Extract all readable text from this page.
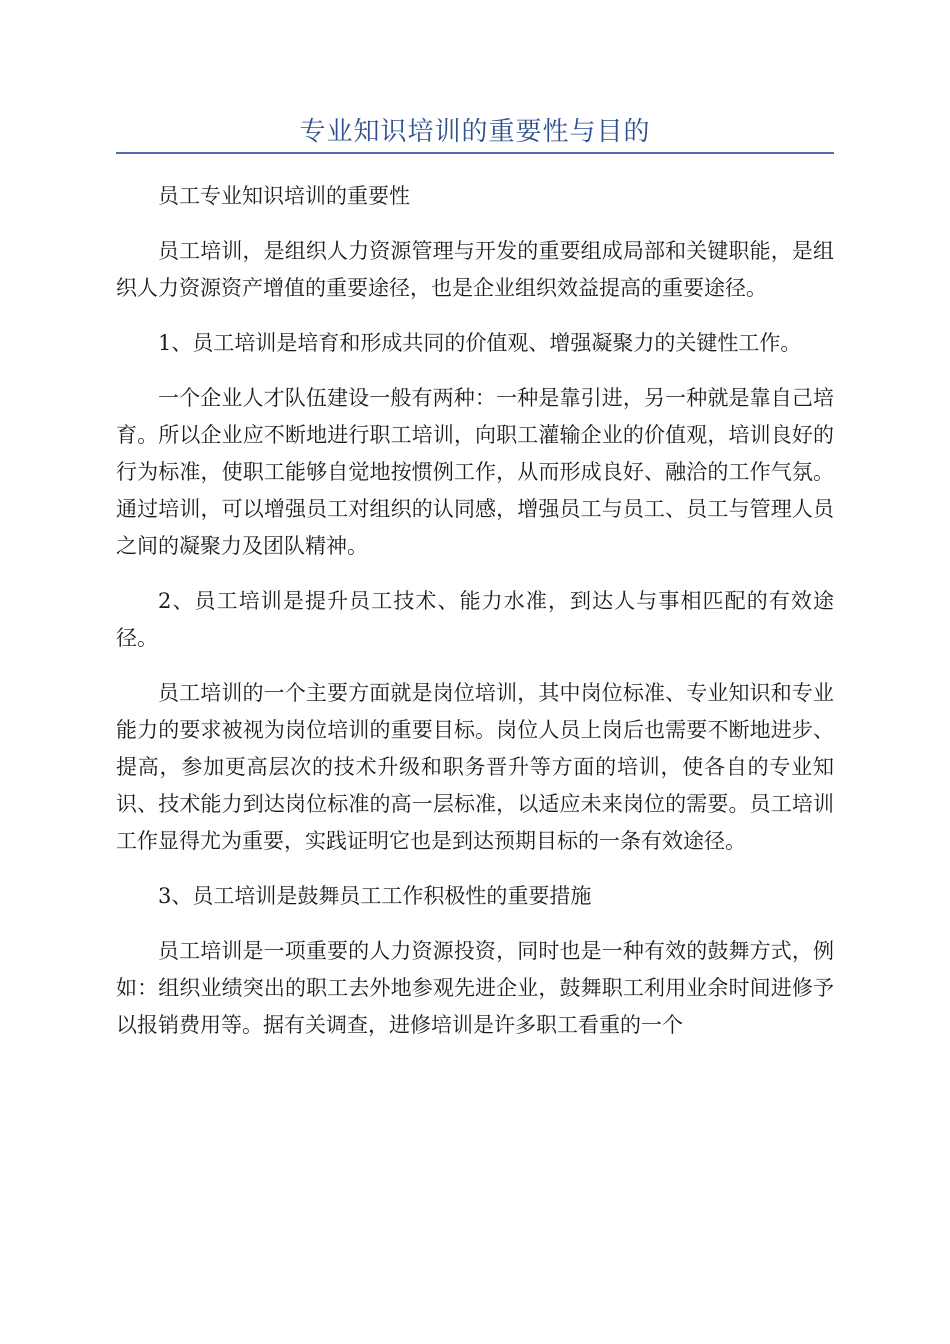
专业知识培训的重要性与目的

员工专业知识培训的重要性

员工培训，是组织人力资源管理与开发的重要组成局部和关键职能，是组织人力资源资产增值的重要途径，也是企业组织效益提高的重要途径。

1、员工培训是培育和形成共同的价值观、增强凝聚力的关键性工作。

一个企业人才队伍建设一般有两种：一种是靠引进，另一种就是靠自己培育。所以企业应不断地进行职工培训，向职工灌输企业的价值观，培训良好的行为标准，使职工能够自觉地按惯例工作，从而形成良好、融洽的工作气氛。通过培训，可以增强员工对组织的认同感，增强员工与员工、员工与管理人员之间的凝聚力及团队精神。

2、员工培训是提升员工技术、能力水准，到达人与事相匹配的有效途径。

员工培训的一个主要方面就是岗位培训，其中岗位标准、专业知识和专业能力的要求被视为岗位培训的重要目标。岗位人员上岗后也需要不断地进步、提高，参加更高层次的技术升级和职务晋升等方面的培训，使各自的专业知识、技术能力到达岗位标准的高一层标准，以适应未来岗位的需要。员工培训工作显得尤为重要，实践证明它也是到达预期目标的一条有效途径。

3、员工培训是鼓舞员工工作积极性的重要措施

员工培训是一项重要的人力资源投资，同时也是一种有效的鼓舞方式，例如：组织业绩突出的职工去外地参观先进企业，鼓舞职工利用业余时间进修予以报销费用等。据有关调查，进修培训是许多职工看重的一个
